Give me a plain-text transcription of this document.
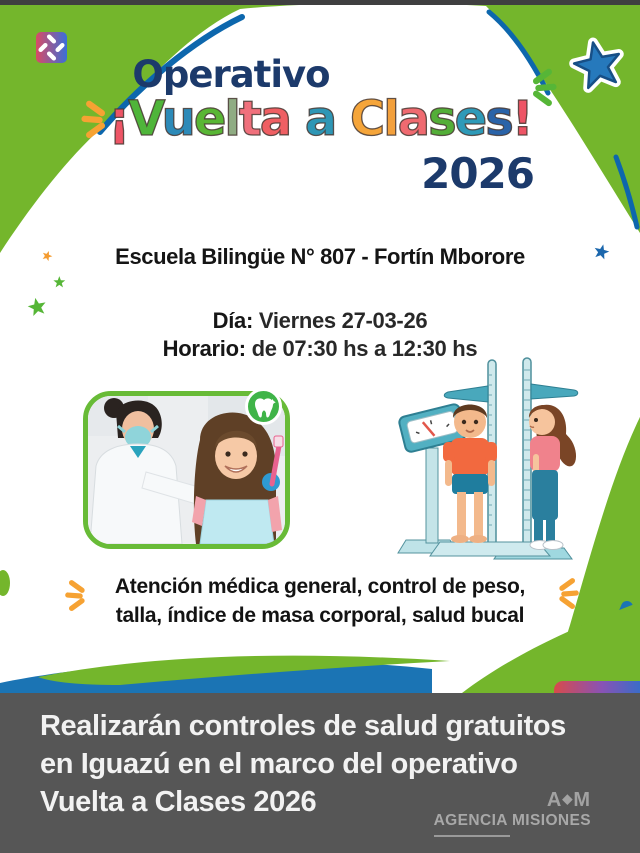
Operativo
¡Vuelta a Clases!
2026
Escuela Bilingüe N° 807 - Fortín Mborore
Día: Viernes 27-03-26
Horario: de 07:30 hs a 12:30 hs
Atención médica general, control de peso,
talla, índice de masa corporal, salud bucal
Realizarán controles de salud gratuitos
en Iguazú en el marco del operativo
Vuelta a Clases 2026	A◆M
AGENCIA MISIONES
